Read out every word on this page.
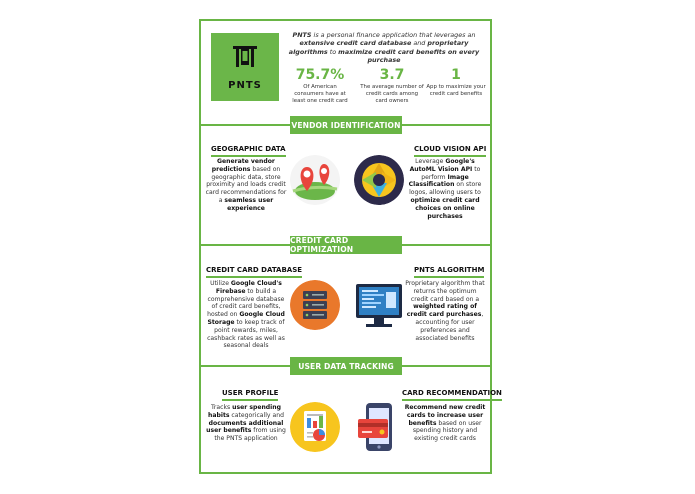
PNTS
PNTS is a personal finance application that leverages an extensive credit card database and proprietary algorithms to maximize credit card benefits on every purchase
75.7%
Of American consumers have at least one credit card
3.7
The average number of credit cards among card owners
1
App to maximize your credit card benefits
VENDOR IDENTIFICATION
GEOGRAPHIC DATA
Generate vendor predictions based on geographic data, store proximity and loads credit card recommendations for a seamless user experience
CLOUD VISION API
Leverage Google's AutoML Vision API to perform Image Classification on store logos, allowing users to optimize credit card choices on online purchases
CREDIT CARD OPTIMIZATION
CREDIT CARD DATABASE
Utilize Google Cloud's Firebase to build a comprehensive database of credit card benefits, hosted on Google Cloud Storage to keep track of point rewards, miles, cashback rates as well as seasonal deals
PNTS ALGORITHM
Proprietary algorithm that returns the optimum credit card based on a weighted rating of credit card purchases, accounting for user preferences and associated benefits
USER DATA TRACKING
USER PROFILE
Tracks user spending habits categorically and documents additional user benefits from using the PNTS application
CARD RECOMMENDATION
Recommend new credit cards to increase user benefits based on user spending history and existing credit cards
